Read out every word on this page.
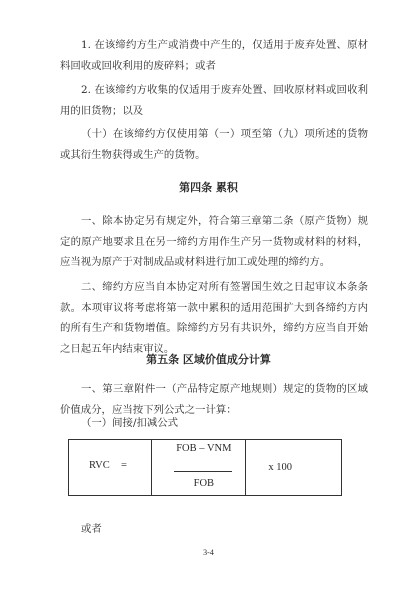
1. 在该缔约方生产或消费中产生的，仅适用于废弃处置、原材料回收或回收利用的废碎料；或者

2. 在该缔约方收集的仅适用于废弃处置、回收原材料或回收利用的旧货物；以及

（十）在该缔约方仅使用第（一）项至第（九）项所述的货物或其衍生物获得或生产的货物。

第四条 累积

一、除本协定另有规定外，符合第三章第二条（原产货物）规定的原产地要求且在另一缔约方用作生产另一货物或材料的材料，应当视为原产于对制成品或材料进行加工或处理的缔约方。

二、缔约方应当自本协定对所有签署国生效之日起审议本条条款。本项审议将考虑将第一款中累积的适用范围扩大到各缔约方内的所有生产和货物增值。除缔约方另有共识外，缔约方应当自开始之日起五年内结束审议。

第五条 区域价值成分计算

一、第三章附件一（产品特定原产地规则）规定的货物的区域价值成分，应当按下列公式之一计算：

（一）间接/扣减公式

RVC =

FOB – VNM
FOB
	x 100

或者

3-4
